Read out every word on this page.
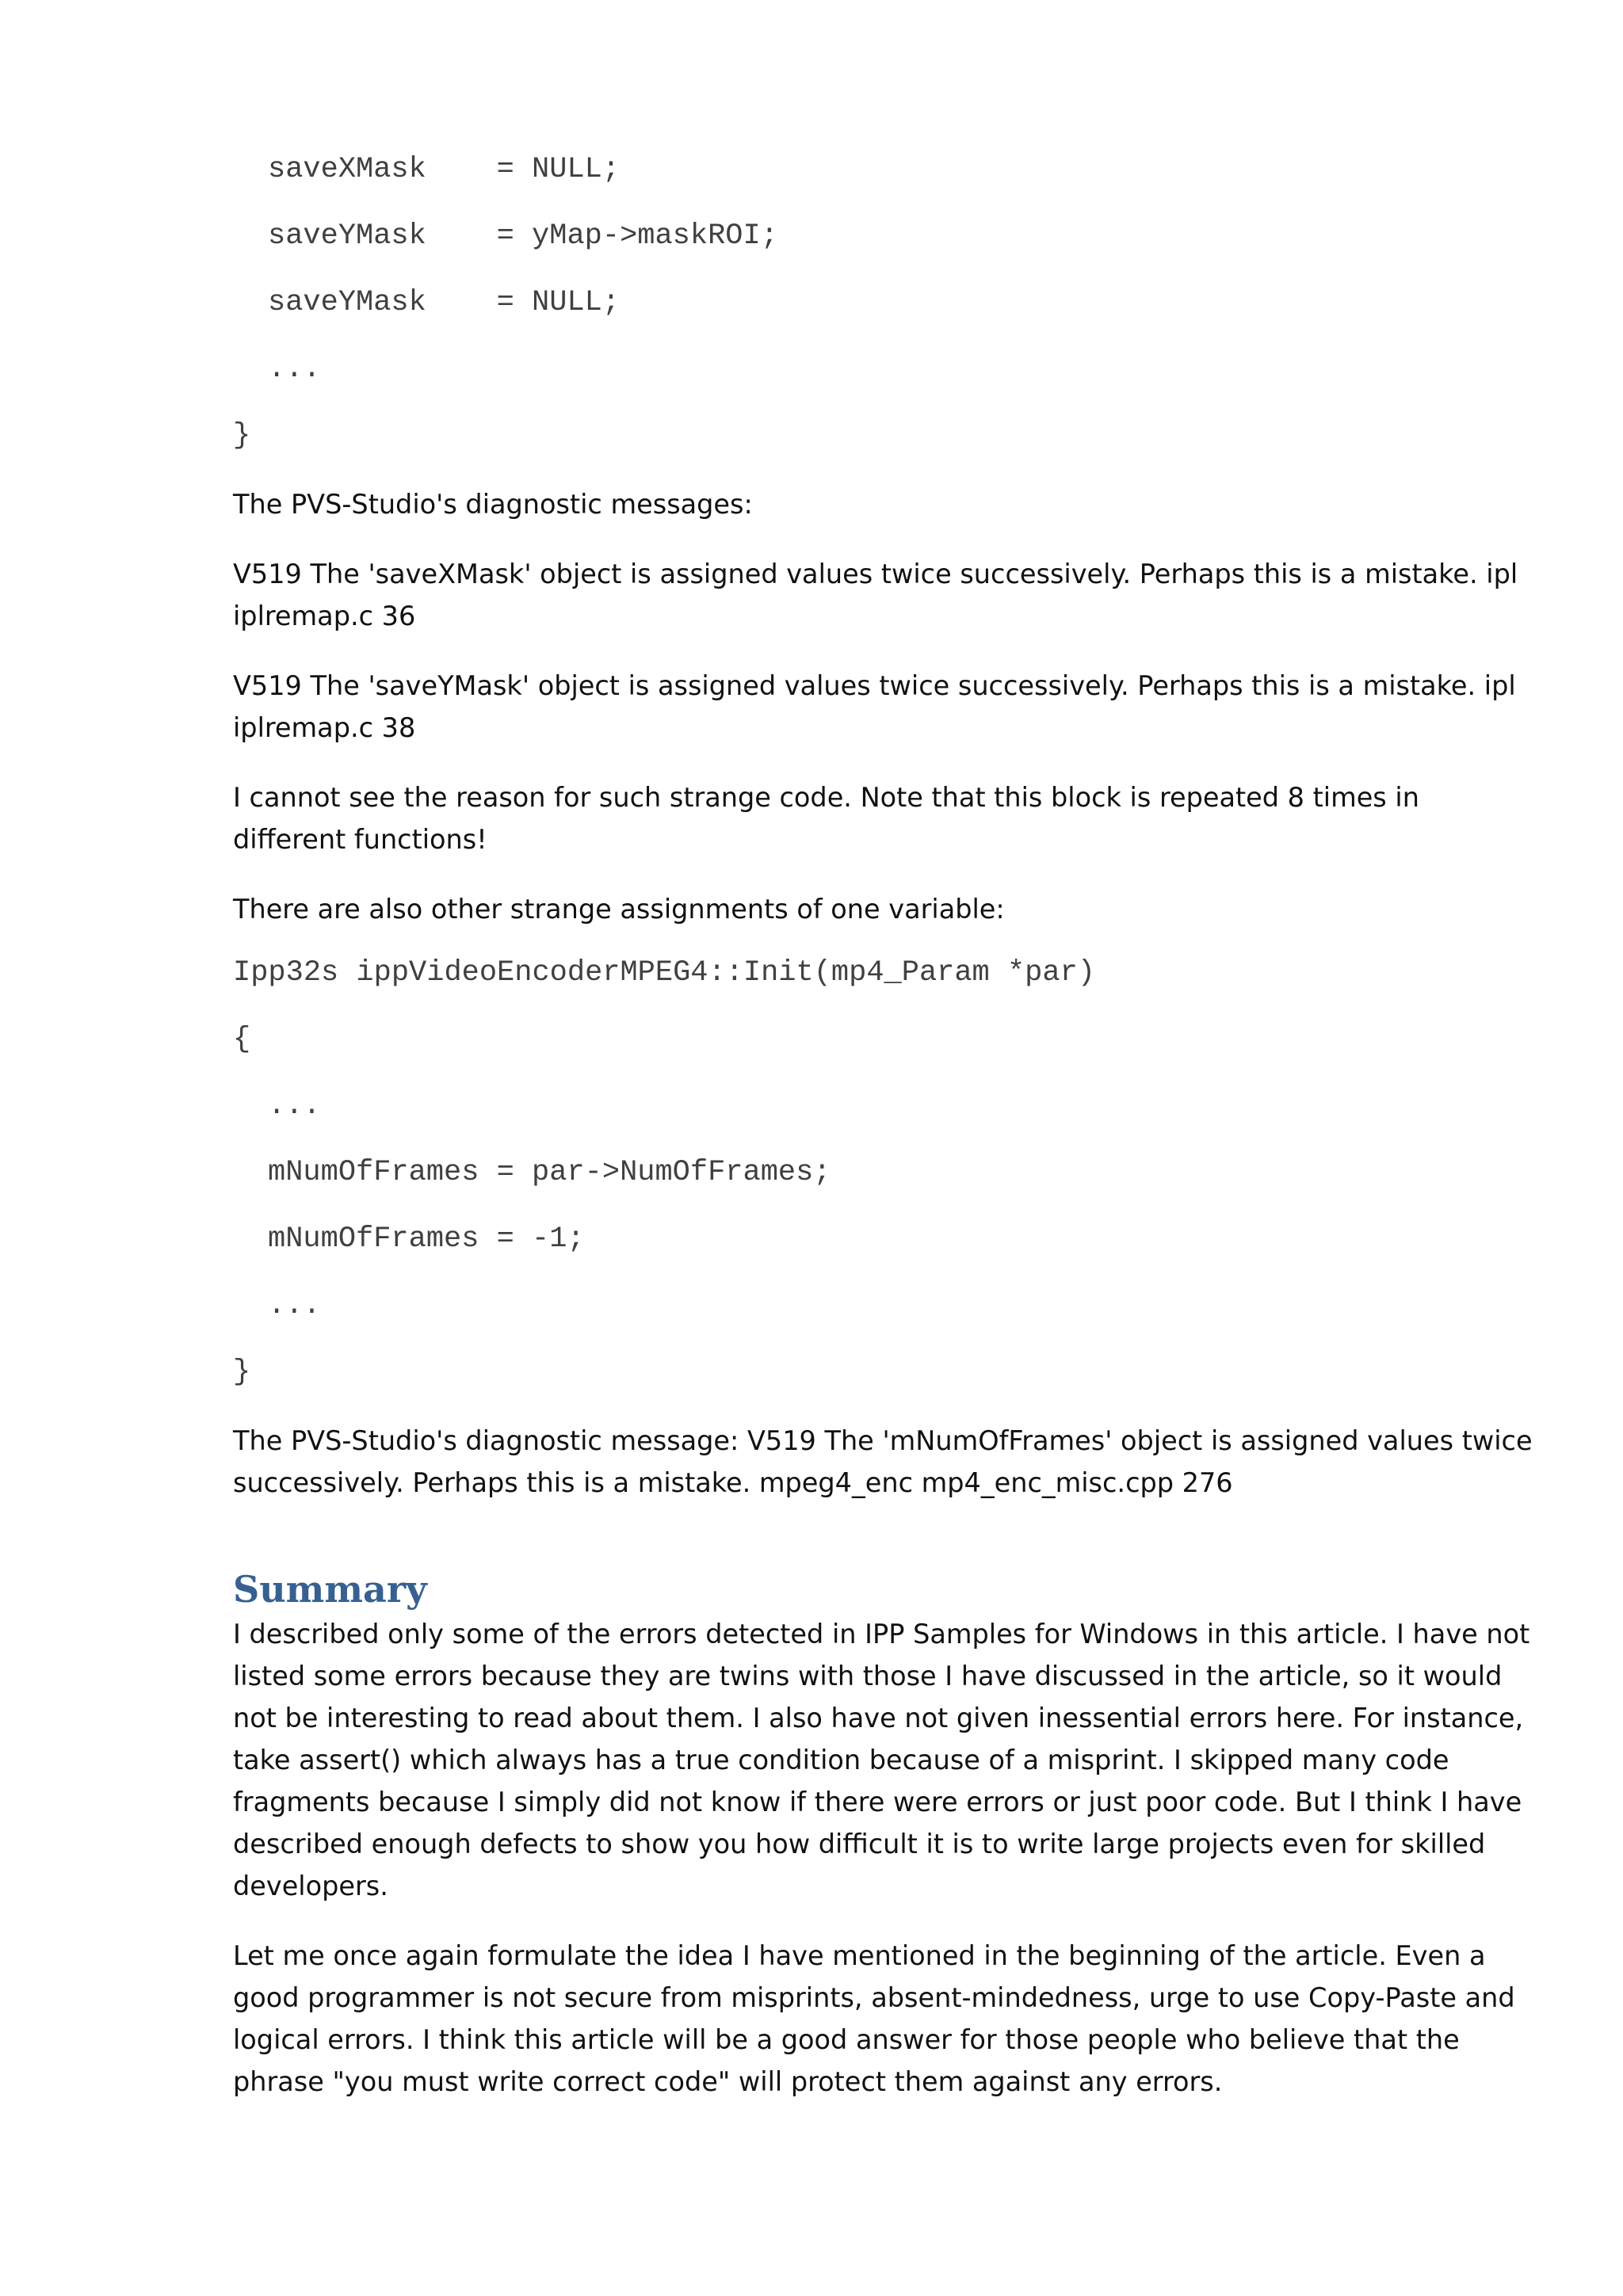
saveXMask    = NULL;
saveYMask    = yMap->maskROI;
saveYMask    = NULL;
...
}

The PVS-Studio's diagnostic messages:

V519 The 'saveXMask' object is assigned values twice successively. Perhaps this is a mistake. ipl iplremap.c 36

V519 The 'saveYMask' object is assigned values twice successively. Perhaps this is a mistake. ipl iplremap.c 38

I cannot see the reason for such strange code. Note that this block is repeated 8 times in different functions!

There are also other strange assignments of one variable:

Ipp32s ippVideoEncoderMPEG4::Init(mp4_Param *par)
{
...
mNumOfFrames = par->NumOfFrames;
mNumOfFrames = -1;
...
}

The PVS-Studio's diagnostic message: V519 The 'mNumOfFrames' object is assigned values twice successively. Perhaps this is a mistake. mpeg4_enc mp4_enc_misc.cpp 276

Summary

I described only some of the errors detected in IPP Samples for Windows in this article. I have not listed some errors because they are twins with those I have discussed in the article, so it would not be interesting to read about them. I also have not given inessential errors here. For instance, take assert() which always has a true condition because of a misprint. I skipped many code fragments because I simply did not know if there were errors or just poor code. But I think I have described enough defects to show you how difficult it is to write large projects even for skilled developers.

Let me once again formulate the idea I have mentioned in the beginning of the article. Even a good programmer is not secure from misprints, absent-mindedness, urge to use Copy-Paste and logical errors. I think this article will be a good answer for those people who believe that the phrase "you must write correct code" will protect them against any errors.
